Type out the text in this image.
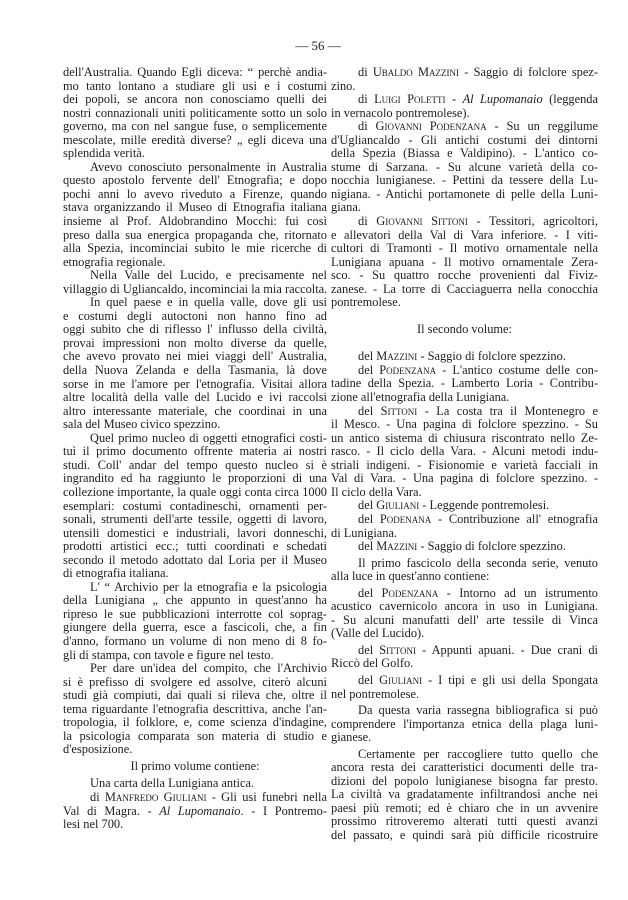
— 56 —
dell'Australia. Quando Egli diceva: “ perchè andia-
mo tanto lontano a studiare gli usi e i costumi
dei popoli, se ancora non conosciamo quelli dei
nostri connazionali uniti politicamente sotto un solo
governo, ma con nel sangue fuse, o semplicemente
mescolate, mille eredità diverse? „ egli diceva una
splendida verità.
Avevo conosciuto personalmente in Australia
questo apostolo fervente dell' Etnografia; e dopo
pochi anni lo avevo riveduto a Firenze, quando
stava organizzando il Museo di Etnografia italiana
insieme al Prof. Aldobrandino Mocchi: fui così
preso dalla sua energica propaganda che, ritornato
alla Spezia, incominciai subito le mie ricerche di
etnografia regionale.
Nella Valle del Lucido, e precisamente nel
villaggio di Ugliancaldo, incominciai la mia raccolta.
In quel paese e in quella valle, dove gli usi
e costumi degli autoctoni non hanno fino ad
oggi subito che di riflesso l' influsso della civiltà,
provai impressioni non molto diverse da quelle,
che avevo provato nei miei viaggi dell' Australia,
della Nuova Zelanda e della Tasmania, là dove
sorse in me l'amore per l'etnografia. Visitai allora
altre località della valle del Lucido e ivi raccolsi
altro interessante materiale, che coordinai in una
sala del Museo civico spezzino.
Quel primo nucleo di oggetti etnografici costi-
tuì il primo documento offrente materia ai nostri
studi. Coll' andar del tempo questo nucleo si è
ingrandito ed ha raggiunto le proporzioni di una
collezione importante, la quale oggi conta circa 1000
esemplari: costumi contadineschi, ornamenti per-
sonali, strumenti dell'arte tessile, oggetti di lavoro,
utensili domestici e industriali, lavori donneschi,
prodotti artistici ecc.; tutti coordinati e schedati
secondo il metodo adottato dal Loria per il Museo
di etnografia italiana.
L' “ Archivio per la etnografia e la psicologia
della Lunigiana „ che appunto in quest'anno ha
ripreso le sue pubblicazioni interrotte col soprag-
giungere della guerra, esce a fascicoli, che, a fin
d'anno, formano un volume di non meno di 8 fo-
gli di stampa, con tavole e figure nel testo.
Per dare un'idea del compito, che l'Archivio
si è prefisso di svolgere ed assolve, citerò alcuni
studi già compiuti, dai quali si rileva che, oltre il
tema riguardante l'etnografia descrittiva, anche l'an-
tropologia, il folklore, e, come scienza d'indagine,
la psicologia comparata son materia di studio e
d'esposizione.
Il primo volume contiene:
Una carta della Lunigiana antica.
di Manfredo Giuliani - Gli usi funebri nella
Val di Magra. - Al Lupomanaio. - I Pontremo-
lesi nel 700.
di Ubaldo Mazzini - Saggio di folclore spez-
zino.
di Luigi Poletti - Al Lupomanaio (leggenda
in vernacolo pontremolese).
di Giovanni Podenzana - Su un reggilume
d'Ugliancaldo - Gli antichi costumi dei dintorni
della Spezia (Biassa e Valdipino). - L'antico co-
stume di Sarzana. - Su alcune varietà della co-
nocchia lunigianese. - Pettini da tessere della Lu-
nigiana. - Antichi portamonete di pelle della Luni-
giana.
di Giovanni Sittoni - Tessitori, agricoltori,
e allevatori della Val di Vara inferiore. - I viti-
cultori di Tramonti - Il motivo ornamentale nella
Lunigiana apuana - Il motivo ornamentale Zera-
sco. - Su quattro rocche provenienti dal Fiviz-
zanese. - La torre di Cacciaguerra nella conocchia
pontremolese.
Il secondo volume:
del Mazzini - Saggio di folclore spezzino.
del Podenzana - L'antico costume delle con-
tadine della Spezia. - Lamberto Loria - Contribu-
zione all'etnografia della Lunigiana.
del Sittoni - La costa tra il Montenegro e
il Mesco. - Una pagina di folclore spezzino. - Su
un antico sistema di chiusura riscontrato nello Ze-
rasco. - Il ciclo della Vara. - Alcuni metodi indu-
striali indigeni. - Fisionomie e varietà facciali in
Val di Vara. - Una pagina di folclore spezzino. -
Il ciclo della Vara.
del Giuliani - Leggende pontremolesi.
del Podenana - Contribuzione all' etnografia
di Lunigiana.
del Mazzini - Saggio di folclore spezzino.
Il primo fascicolo della seconda serie, venuto
alla luce in quest'anno contiene:
del Podenzana - Intorno ad un istrumento
acustico cavernicolo ancora in uso in Lunigiana.
- Su alcuni manufatti dell' arte tessile di Vinca
(Valle del Lucido).
del Sittoni - Appunti apuani. - Due crani di
Riccò del Golfo.
del Giuliani - I tipi e gli usi della Spongata
nel pontremolese.
Da questa varia rassegna bibliografica si può
comprendere l'importanza etnica della plaga luni-
gianese.
Certamente per raccogliere tutto quello che
ancora resta dei caratteristici documenti delle tra-
dizioni del popolo lunigianese bisogna far presto.
La civiltà va gradatamente infiltrandosi anche nei
paesi più remoti; ed è chiaro che in un avvenire
prossimo ritroveremo alterati tutti questi avanzi
del passato, e quindi sarà più difficile ricostruire
